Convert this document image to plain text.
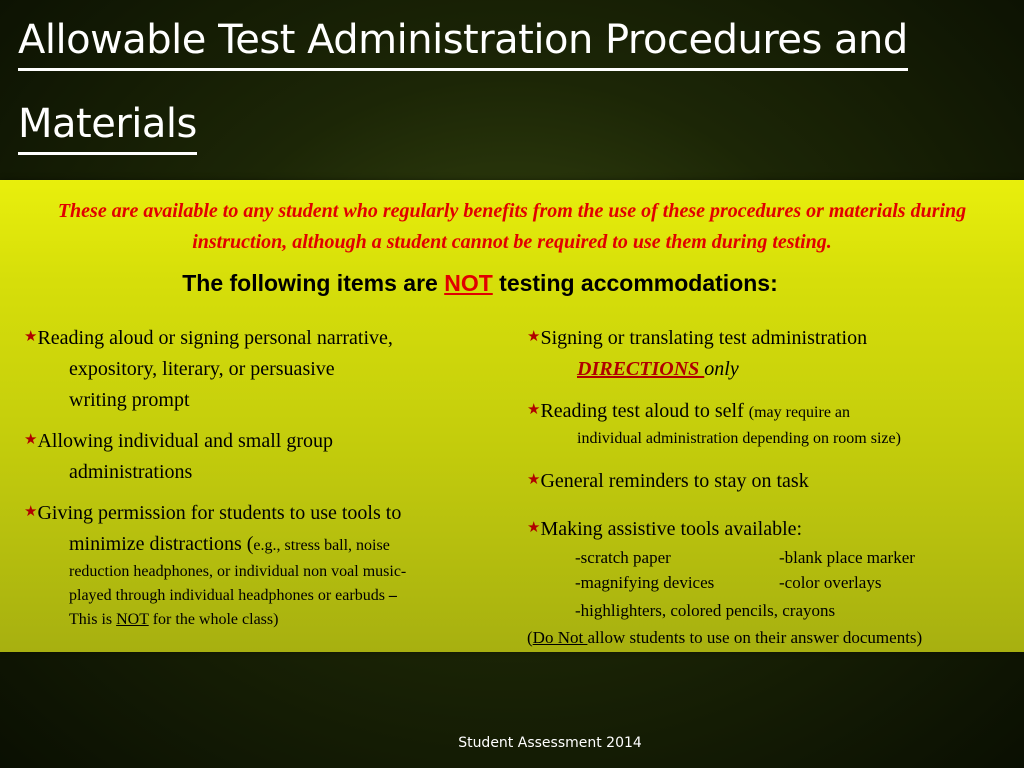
Allowable Test Administration Procedures and
Materials
These are available to any student who regularly benefits from the use of these procedures or materials during instruction, although a student cannot be required to use them during testing.
The following items are NOT testing accommodations:

★Reading aloud or signing personal narrative,

expository, literary, or persuasive

writing prompt

★Allowing individual and small group

administrations

★Giving permission for students to use tools to

minimize distractions (e.g., stress ball, noise

reduction headphones, or individual non voal music-

played through individual headphones or earbuds –

This is NOT for the whole class)

★Signing or translating test administration

DIRECTIONS only

★Reading test aloud to self (may require an

individual administration depending on room size)

★General reminders to stay on task

★Making assistive tools available:

-scratch paper	-blank place marker
-magnifying devices	-color overlays

-highlighters, colored pencils, crayons

(Do Not allow students to use on their answer documents)

Student Assessment 2014
